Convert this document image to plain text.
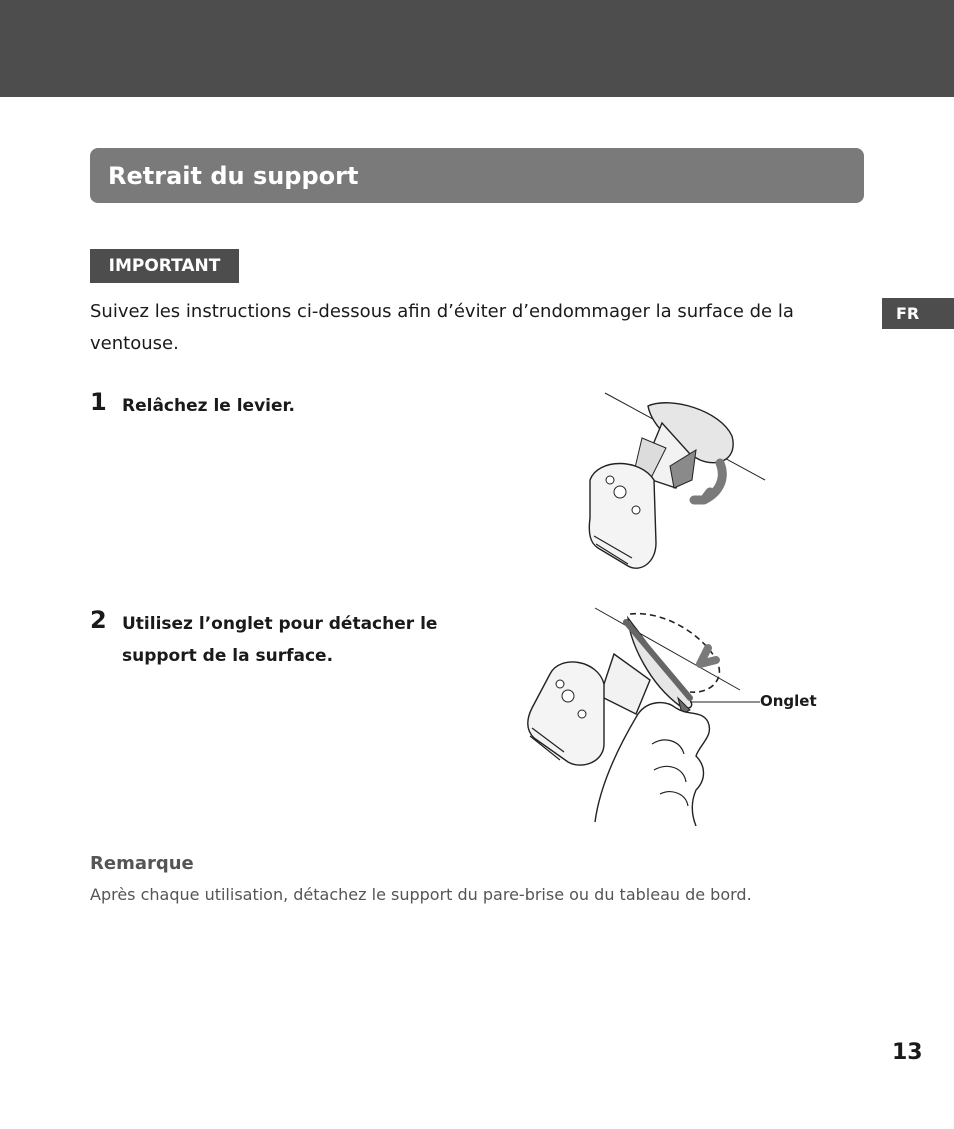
Retrait du support
FR
IMPORTANT
Suivez les instructions ci-dessous afin d’éviter d’endommager la surface de la ventouse.
1 Relâchez le levier.
2 Utilisez l’onglet pour détacher le support de la surface.
Onglet
Remarque
Après chaque utilisation, détachez le support du pare-brise ou du tableau de bord.
13
